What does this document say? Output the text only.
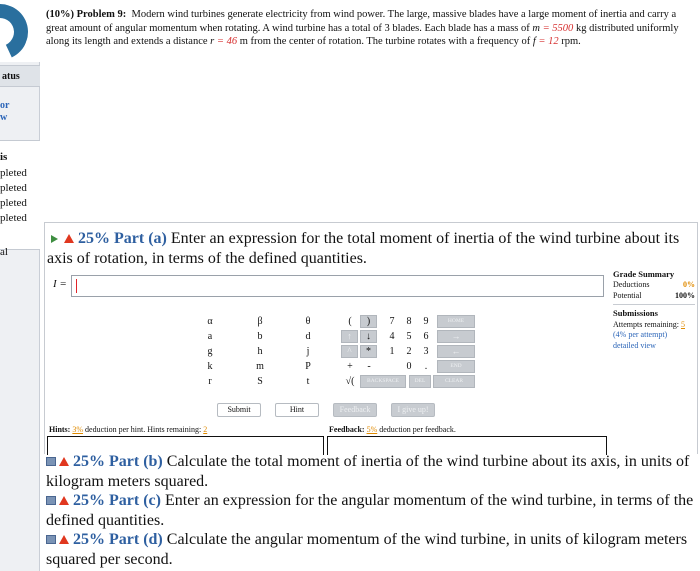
atus
or
w
is
pleted
pleted
pleted
pleted
al
(10%) Problem 9: Modern wind turbines generate electricity from wind power. The large, massive blades have a large moment of inertia and carry a great amount of angular momentum when rotating. A wind turbine has a total of 3 blades. Each blade has a mass of m = 5500 kg distributed uniformly along its length and extends a distance r = 46 m from the center of rotation. The turbine rotates with a frequency of f = 12 rpm.
25% Part (a) Enter an expression for the total moment of inertia of the wind turbine about its axis of rotation, in terms of the defined quantities.
I =
Grade Summary
Deductions	0%
Potential	100%
Submissions
Attempts remaining: 5
(4% per attempt)
detailed view
α	β	θ
a	b	d
g	h	j
k	m	P
r	S	t
(	)
↑	↓
^	*
+	-
√(	BACKSPACE
7	8	9
4	5	6
1	2	3
0	.
HOME
→
←
END
DEL	CLEAR
Submit	Hint	Feedback	I give up!
Hints: 3% deduction per hint. Hints remaining: 2	Feedback: 5% deduction per feedback.
25% Part (b) Calculate the total moment of inertia of the wind turbine about its axis, in units of kilogram meters squared.
25% Part (c) Enter an expression for the angular momentum of the wind turbine, in terms of the defined quantities.
25% Part (d) Calculate the angular momentum of the wind turbine, in units of kilogram meters squared per second.
